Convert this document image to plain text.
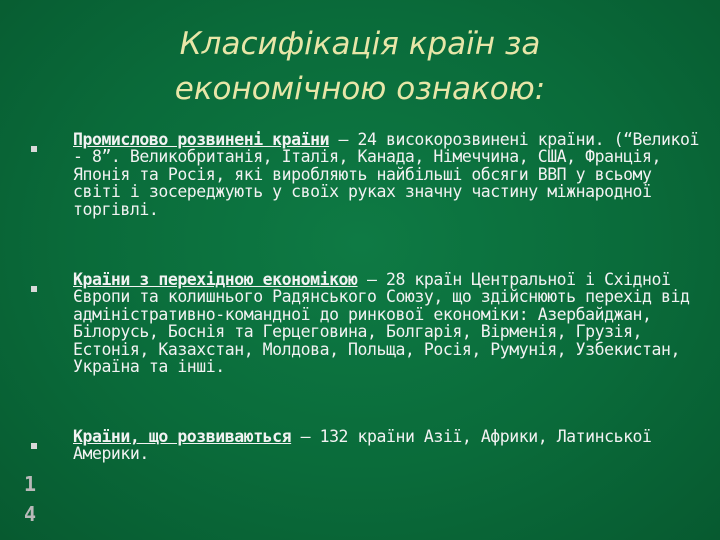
Класифікація країн за
економічною ознакою:
Промислово розвинені країни — 24 високорозвинені країни. (“Великої - 8”. Великобританія, Італія, Канада, Німеччина, США, Франція, Японія та Росія, які виробляють найбільші обсяги ВВП у всьому світі і зосереджують у своїх руках значну частину міжнародної торгівлі.
Країни з перехідною економікою — 28 країн Центральної і Східної Європи та колишнього Радянського Союзу, що здійснюють перехід від адміністративно-командної до ринкової економіки: Азербайджан, Білорусь, Боснія та Герцеговина, Болгарія, Вірменія, Грузія, Естонія, Казахстан, Молдова, Польща, Росія, Румунія, Узбекистан, Україна та інші.
Країни, що розвиваються — 132 країни Азії, Африки, Латинської Америки.
1
4
